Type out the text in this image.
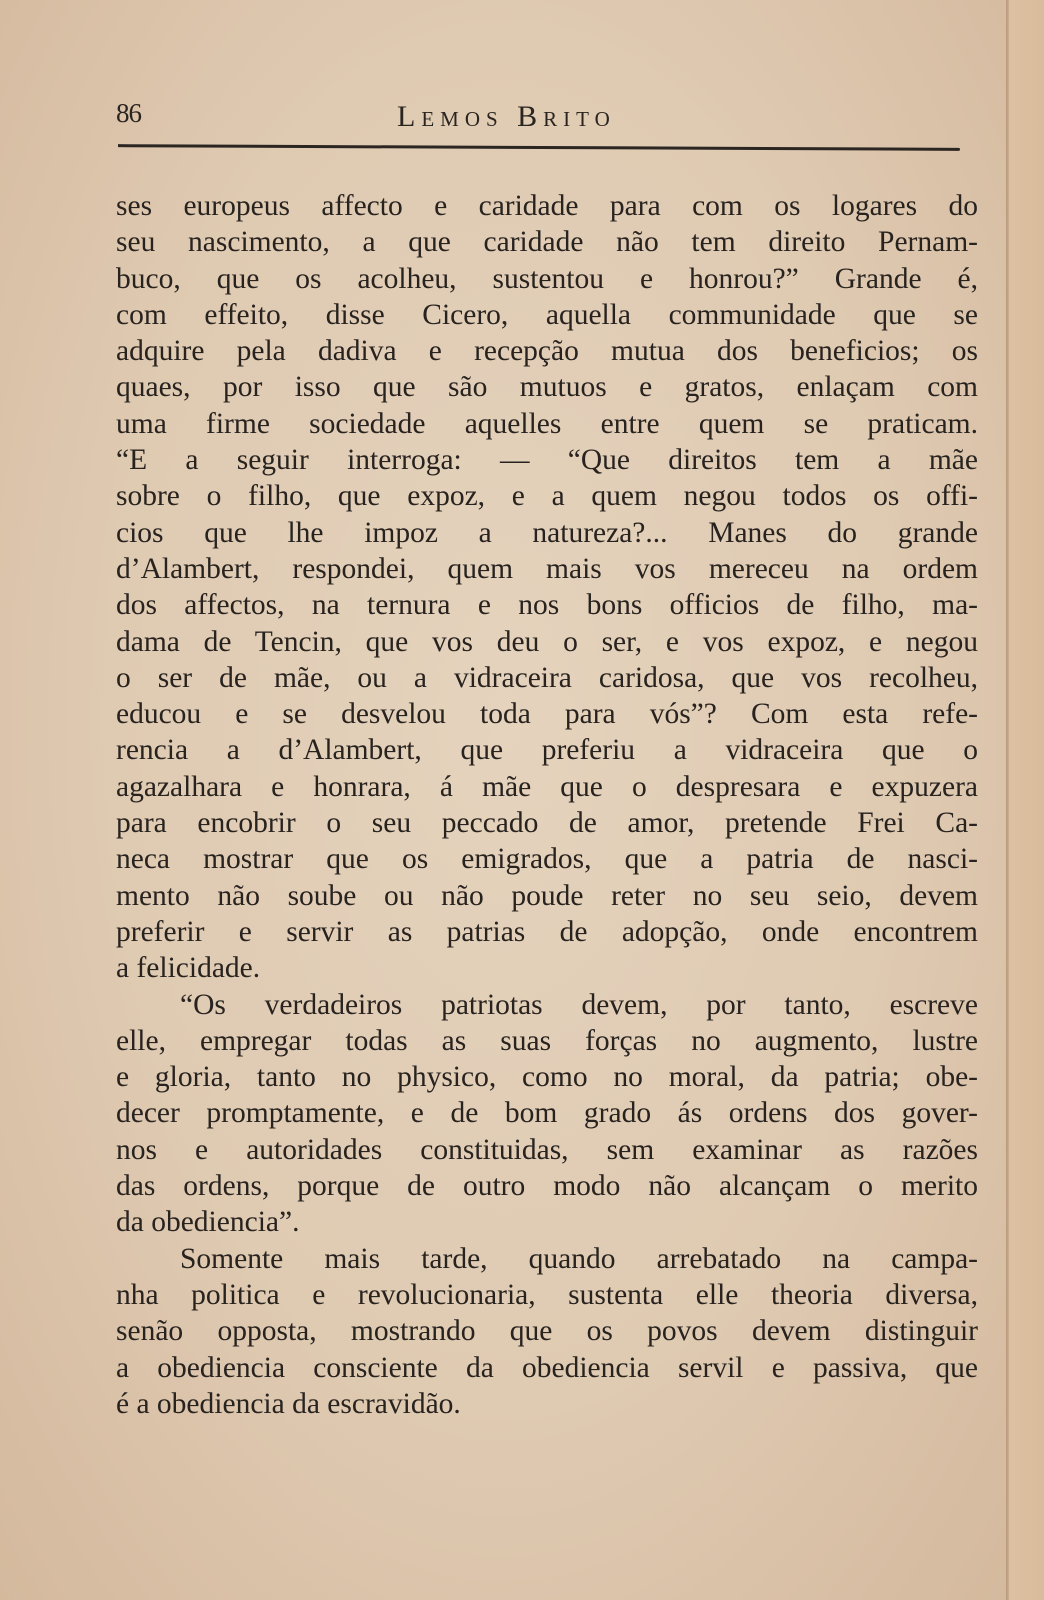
86	Lemos Brito
ses europeus affecto e caridade para com os logares do
seu nascimento, a que caridade não tem direito Pernam-
buco, que os acolheu, sustentou e honrou?” Grande é,
com effeito, disse Cicero, aquella communidade que se
adquire pela dadiva e recepção mutua dos beneficios; os
quaes, por isso que são mutuos e gratos, enlaçam com
uma firme sociedade aquelles entre quem se praticam.
“E a seguir interroga: — “Que direitos tem a mãe
sobre o filho, que expoz, e a quem negou todos os offi-
cios que lhe impoz a natureza?... Manes do grande
d’Alambert, respondei, quem mais vos mereceu na ordem
dos affectos, na ternura e nos bons officios de filho, ma-
dama de Tencin, que vos deu o ser, e vos expoz, e negou
o ser de mãe, ou a vidraceira caridosa, que vos recolheu,
educou e se desvelou toda para vós”? Com esta refe-
rencia a d’Alambert, que preferiu a vidraceira que o
agazalhara e honrara, á mãe que o despresara e expuzera
para encobrir o seu peccado de amor, pretende Frei Ca-
neca mostrar que os emigrados, que a patria de nasci-
mento não soube ou não poude reter no seu seio, devem
preferir e servir as patrias de adopção, onde encontrem
a felicidade.
“Os verdadeiros patriotas devem, por tanto, escreve
elle, empregar todas as suas forças no augmento, lustre
e gloria, tanto no physico, como no moral, da patria; obe-
decer promptamente, e de bom grado ás ordens dos gover-
nos e autoridades constituidas, sem examinar as razões
das ordens, porque de outro modo não alcançam o merito
da obediencia”.
Somente mais tarde, quando arrebatado na campa-
nha politica e revolucionaria, sustenta elle theoria diversa,
senão opposta, mostrando que os povos devem distinguir
a obediencia consciente da obediencia servil e passiva, que
é a obediencia da escravidão.
